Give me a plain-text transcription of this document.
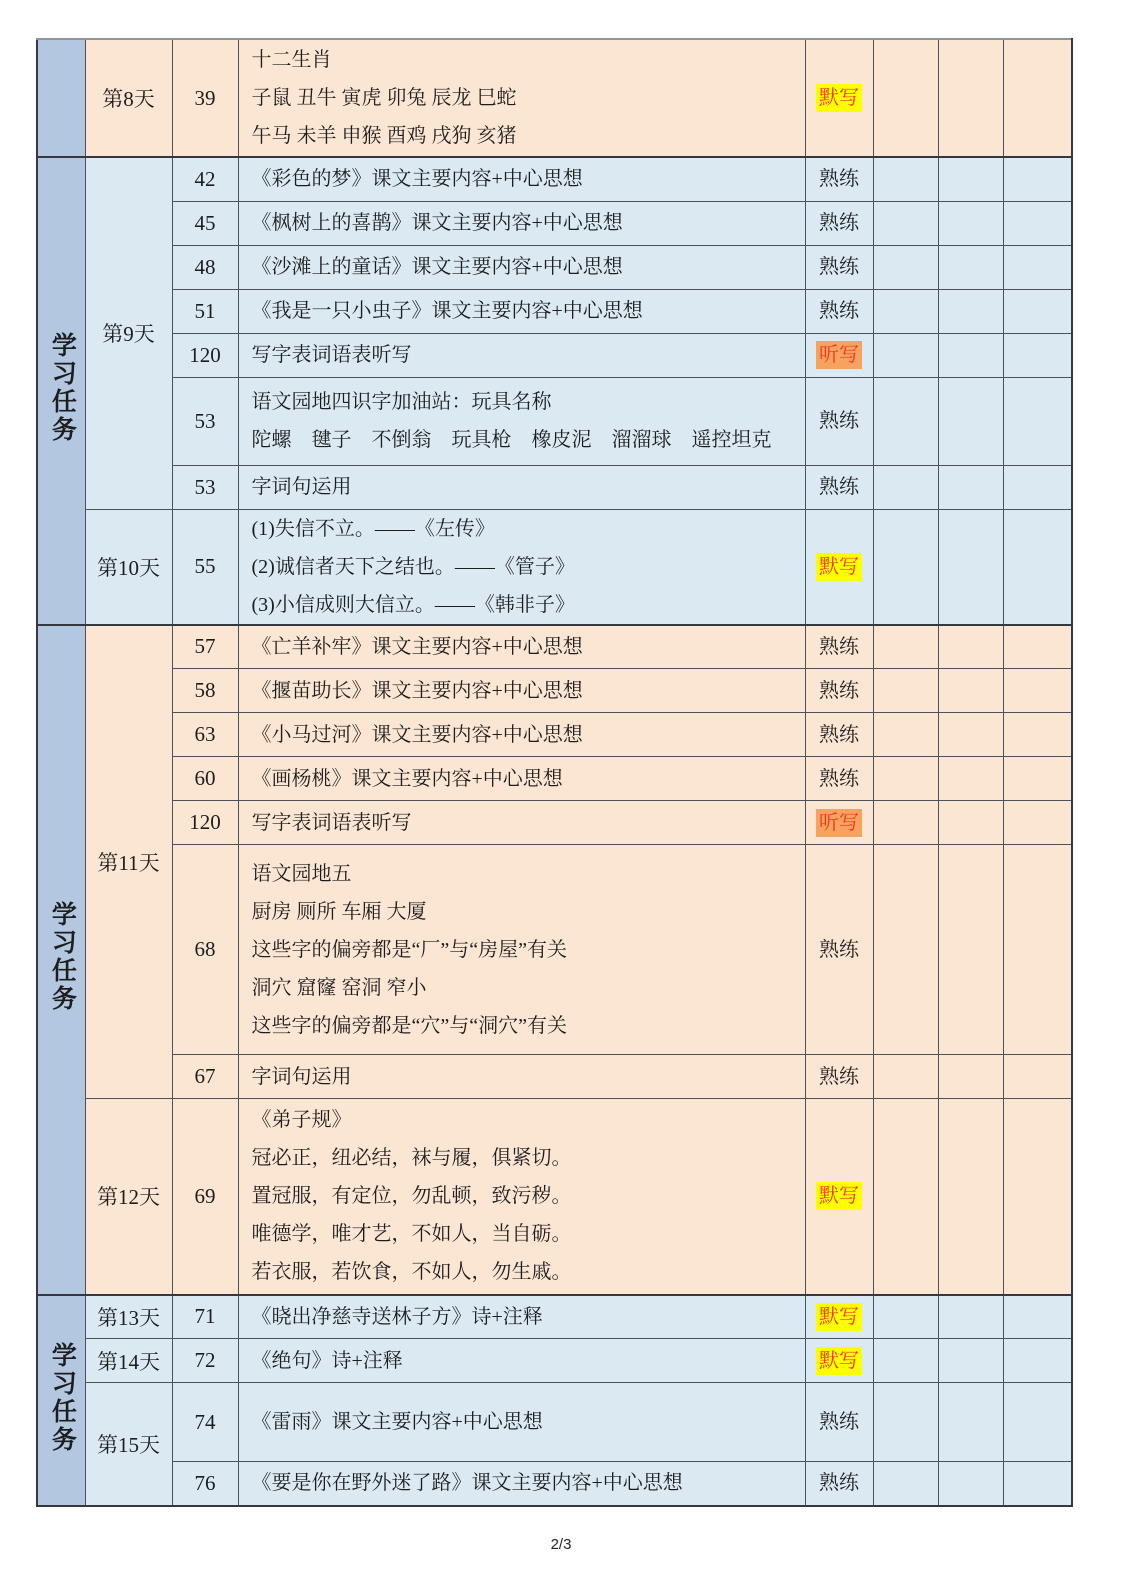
	第8天	39	十二生肖
子鼠 丑牛 寅虎 卯兔 辰龙 巳蛇
午马 未羊 申猴 酉鸡 戌狗 亥猪	默写			
学习任务	第9天	42	《彩色的梦》课文主要内容+中心思想	熟练			
		45	《枫树上的喜鹊》课文主要内容+中心思想	熟练			
		48	《沙滩上的童话》课文主要内容+中心思想	熟练			
		51	《我是一只小虫子》课文主要内容+中心思想	熟练			
		120	写字表词语表听写	听写			
		53	语文园地四识字加油站：玩具名称
陀螺　毽子　不倒翁　玩具枪　橡皮泥　溜溜球　遥控坦克	熟练			
		53	字词句运用	熟练			
	第10天	55	(1)失信不立。——《左传》
(2)诚信者天下之结也。——《管子》
(3)小信成则大信立。——《韩非子》	默写			
学习任务	第11天	57	《亡羊补牢》课文主要内容+中心思想	熟练			
		58	《揠苗助长》课文主要内容+中心思想	熟练			
		63	《小马过河》课文主要内容+中心思想	熟练			
		60	《画杨桃》课文主要内容+中心思想	熟练			
		120	写字表词语表听写	听写			
		68	语文园地五
厨房 厕所 车厢 大厦
这些字的偏旁都是“厂”与“房屋”有关
洞穴 窟窿 窑洞 窄小
这些字的偏旁都是“穴”与“洞穴”有关	熟练			
		67	字词句运用	熟练			
	第12天	69	《弟子规》
冠必正，纽必结，袜与履，俱紧切。
置冠服，有定位，勿乱顿，致污秽。
唯德学，唯才艺，不如人，当自砺。
若衣服，若饮食，不如人，勿生戚。	默写			
学习任务	第13天	71	《晓出净慈寺送林子方》诗+注释	默写			
	第14天	72	《绝句》诗+注释	默写			
	第15天	74	《雷雨》课文主要内容+中心思想	熟练			
		76	《要是你在野外迷了路》课文主要内容+中心思想	熟练			
2/3
